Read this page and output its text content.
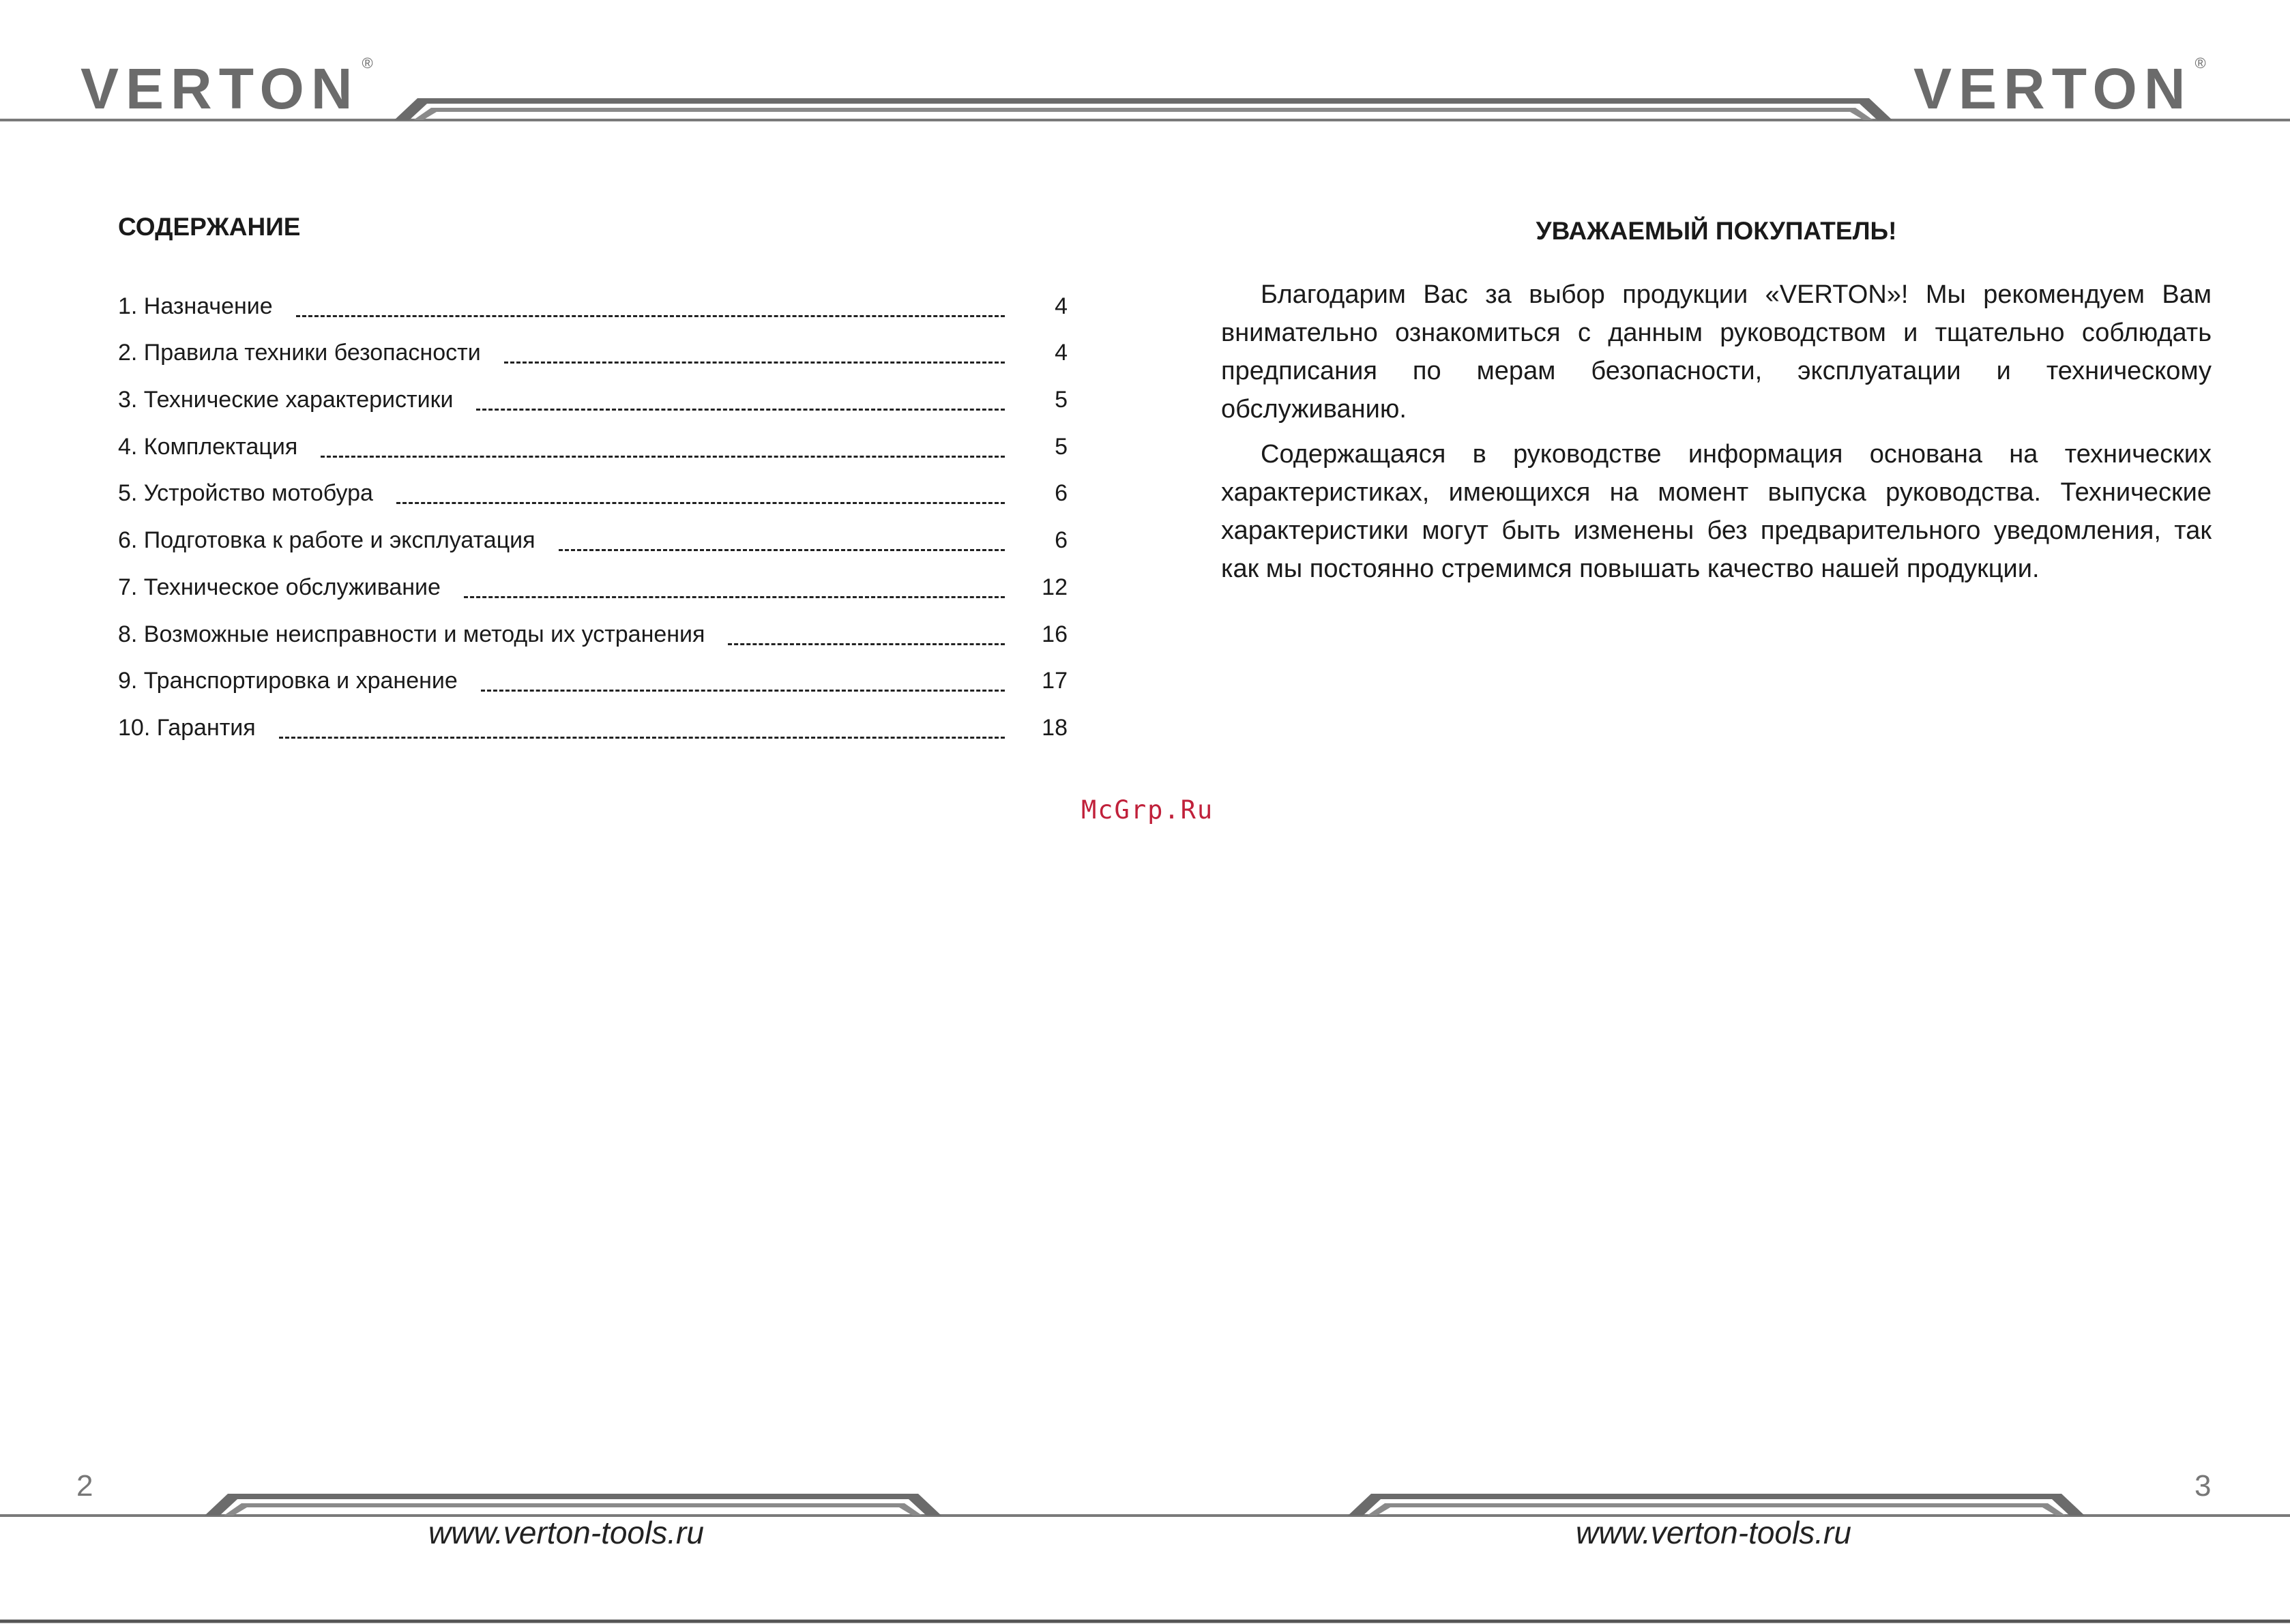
VERTON ®	VERTON ®
СОДЕРЖАНИЕ
1. Назначение	4
2. Правила техники безопасности	4
3. Технические характеристики	5
4. Комплектация	5
5. Устройство мотобура	6
6. Подготовка к работе и эксплуатация	6
7. Техническое обслуживание	12
8. Возможные неисправности и методы их устранения	16
9. Транспортировка и хранение	17
10. Гарантия	18
УВАЖАЕМЫЙ ПОКУПАТЕЛЬ!

Благодарим Вас за выбор продукции «VERTON»! Мы рекомендуем Вам внимательно ознакомиться с данным руководством и тщательно соблюдать предписания по мерам безопасности, эксплуатации и техническому обслуживанию.

Содержащаяся в руководстве информация основана на технических характеристиках, имеющихся на момент выпуска руководства. Технические характеристики могут быть изменены без предварительного уведомления, так как мы постоянно стремимся повышать качество нашей продукции.

McGrp.Ru
2	3
www.verton-tools.ru	www.verton-tools.ru
